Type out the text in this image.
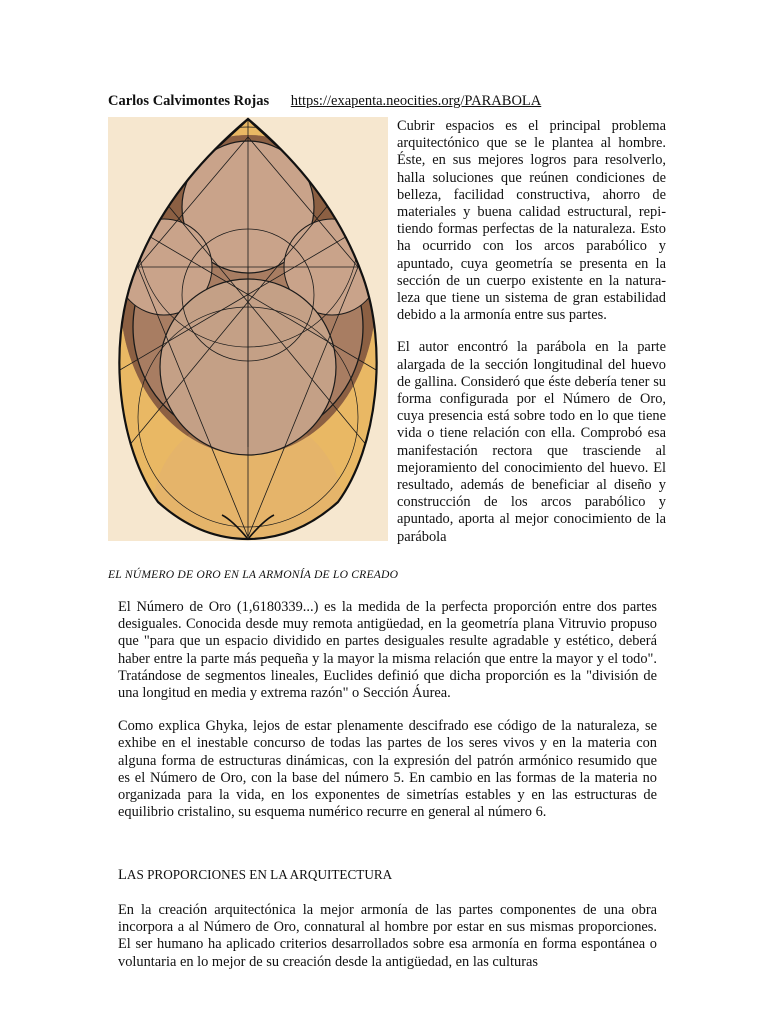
Carlos Calvimontes Rojas https://exapenta.neocities.org/PARABOLA

Cubrir espacios es el principal problema arquitectónico que se le plantea al hombre. Éste, en sus mejores logros para resolverlo, halla soluciones que reúnen condiciones de belleza, facilidad constructiva, ahorro de materiales y buena calidad estructural, repitiendo formas perfectas de la naturaleza. Esto ha ocurrido con los arcos parabólico y apuntado, cuya geometría se presenta en la sección de un cuerpo existente en la naturaleza que tiene un sistema de gran estabilidad debido a la armonía entre sus partes.

El autor encontró la parábola en la parte alargada de la sección longitudinal del huevo de gallina. Consideró que éste debería tener su forma configurada por el Número de Oro, cuya presencia está sobre todo en lo que tiene vida o tiene relación con ella. Comprobó esa manifestación rectora que trasciende al mejoramiento del conocimiento del huevo. El resultado, además de beneficiar al diseño y construcción de los arcos parabólico y apuntado, aporta al mejor conocimiento de la parábola

EL NÚMERO DE ORO EN LA ARMONÍA DE LO CREADO

El Número de Oro (1,6180339...) es la medida de la perfecta proporción entre dos partes desiguales. Conocida desde muy remota antigüedad, en la geometría plana Vitruvio propuso que "para que un espacio dividido en partes desiguales resulte agradable y estético, deberá haber entre la parte más pequeña y la mayor la misma relación que entre la mayor y el todo". Tratándose de segmentos lineales, Euclides definió que dicha proporción es la "división de una longitud en media y extrema razón" o Sección Áurea.

Como explica Ghyka, lejos de estar plenamente descifrado ese código de la naturaleza, se exhibe en el inestable concurso de todas las partes de los seres vivos y en la materia con alguna forma de estructuras dinámicas, con la expresión del patrón armónico resumido que es el Número de Oro, con la base del número 5. En cambio en las formas de la materia no organizada para la vida, en los exponentes de simetrías estables y en las estructuras de equilibrio cristalino, su esquema numérico recurre en general al número 6.

LAS PROPORCIONES EN LA ARQUITECTURA

En la creación arquitectónica la mejor armonía de las partes componentes de una obra incorpora a al Número de Oro, connatural al hombre por estar en sus mismas proporciones. El ser humano ha aplicado criterios desarrollados sobre esa armonía en forma espontánea o voluntaria en lo mejor de su creación desde la antigüedad, en las culturas
